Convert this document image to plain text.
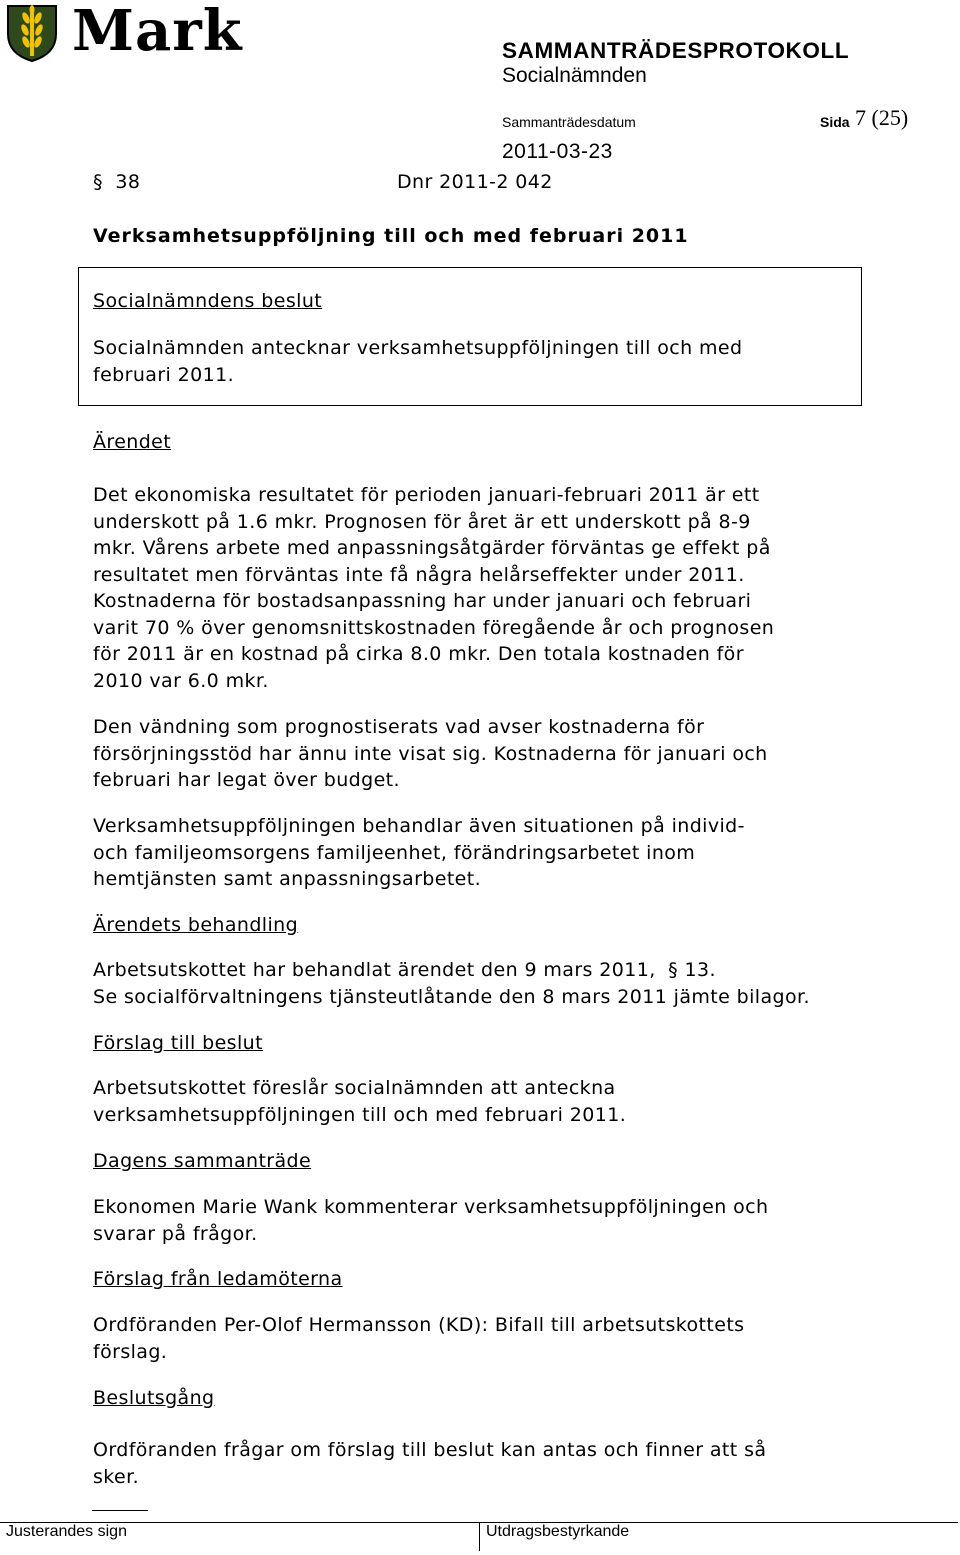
Mark	SAMMANTRÄDESPROTOKOLL
Socialnämnden
Sammanträdesdatum	Sida 7 (25)
2011-03-23
§ 38	Dnr 2011-2 042
Verksamhetsuppföljning till och med februari 2011
Socialnämndens beslut
Socialnämnden antecknar verksamhetsuppföljningen till och med
februari 2011.
Ärendet
Det ekonomiska resultatet för perioden januari-februari 2011 är ett
underskott på 1.6 mkr. Prognosen för året är ett underskott på 8-9
mkr. Vårens arbete med anpassningsåtgärder förväntas ge effekt på
resultatet men förväntas inte få några helårseffekter under 2011.
Kostnaderna för bostadsanpassning har under januari och februari
varit 70 % över genomsnittskostnaden föregående år och prognosen
för 2011 är en kostnad på cirka 8.0 mkr. Den totala kostnaden för
2010 var 6.0 mkr.
Den vändning som prognostiserats vad avser kostnaderna för
försörjningsstöd har ännu inte visat sig. Kostnaderna för januari och
februari har legat över budget.
Verksamhetsuppföljningen behandlar även situationen på individ-
och familjeomsorgens familjeenhet, förändringsarbetet inom
hemtjänsten samt anpassningsarbetet.
Ärendets behandling
Arbetsutskottet har behandlat ärendet den 9 mars 2011, § 13.
Se socialförvaltningens tjänsteutlåtande den 8 mars 2011 jämte bilagor.
Förslag till beslut
Arbetsutskottet föreslår socialnämnden att anteckna
verksamhetsuppföljningen till och med februari 2011.
Dagens sammanträde
Ekonomen Marie Wank kommenterar verksamhetsuppföljningen och
svarar på frågor.
Förslag från ledamöterna
Ordföranden Per-Olof Hermansson (KD): Bifall till arbetsutskottets
förslag.
Beslutsgång
Ordföranden frågar om förslag till beslut kan antas och finner att så
sker.
Justerandes sign	Utdragsbestyrkande
